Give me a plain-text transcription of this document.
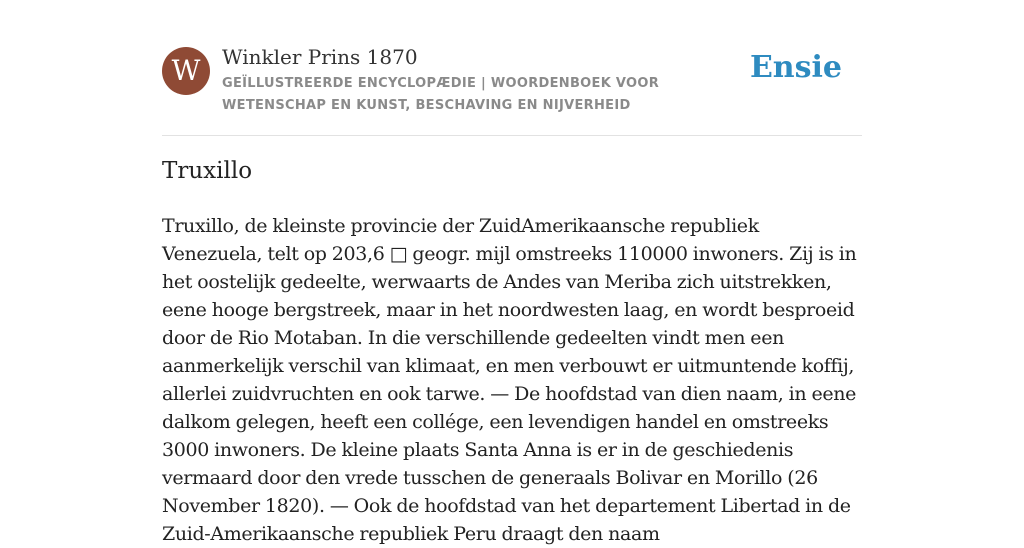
W	Winkler Prins 1870
GEÏLLUSTREERDE ENCYCLOPÆDIE | WOORDENBOEK VOOR WETENSCHAP EN KUNST, BESCHAVING EN NIJVERHEID
Ensie
Truxillo

Truxillo, de kleinste provincie der ZuidAmerikaansche republiek Venezuela, telt op 203,6 □ geogr. mijl omstreeks 110000 inwoners. Zij is in het oostelijk gedeelte, werwaarts de Andes van Meriba zich uitstrekken, eene hooge bergstreek, maar in het noordwesten laag, en wordt besproeid door de Rio Motaban. In die verschillende gedeelten vindt men een aanmerkelijk verschil van klimaat, en men verbouwt er uitmuntende koffij, allerlei zuidvruchten en ook tarwe. — De hoofdstad van dien naam, in eene dalkom gelegen, heeft een collége, een levendigen handel en omstreeks 3000 inwoners. De kleine plaats Santa Anna is er in de geschiedenis vermaard door den vrede tusschen de generaals Bolivar en Morillo (26 November 1820). — Ook de hoofdstad van het departement Libertad in de Zuid-Amerikaansche republiek Peru draagt den naam
